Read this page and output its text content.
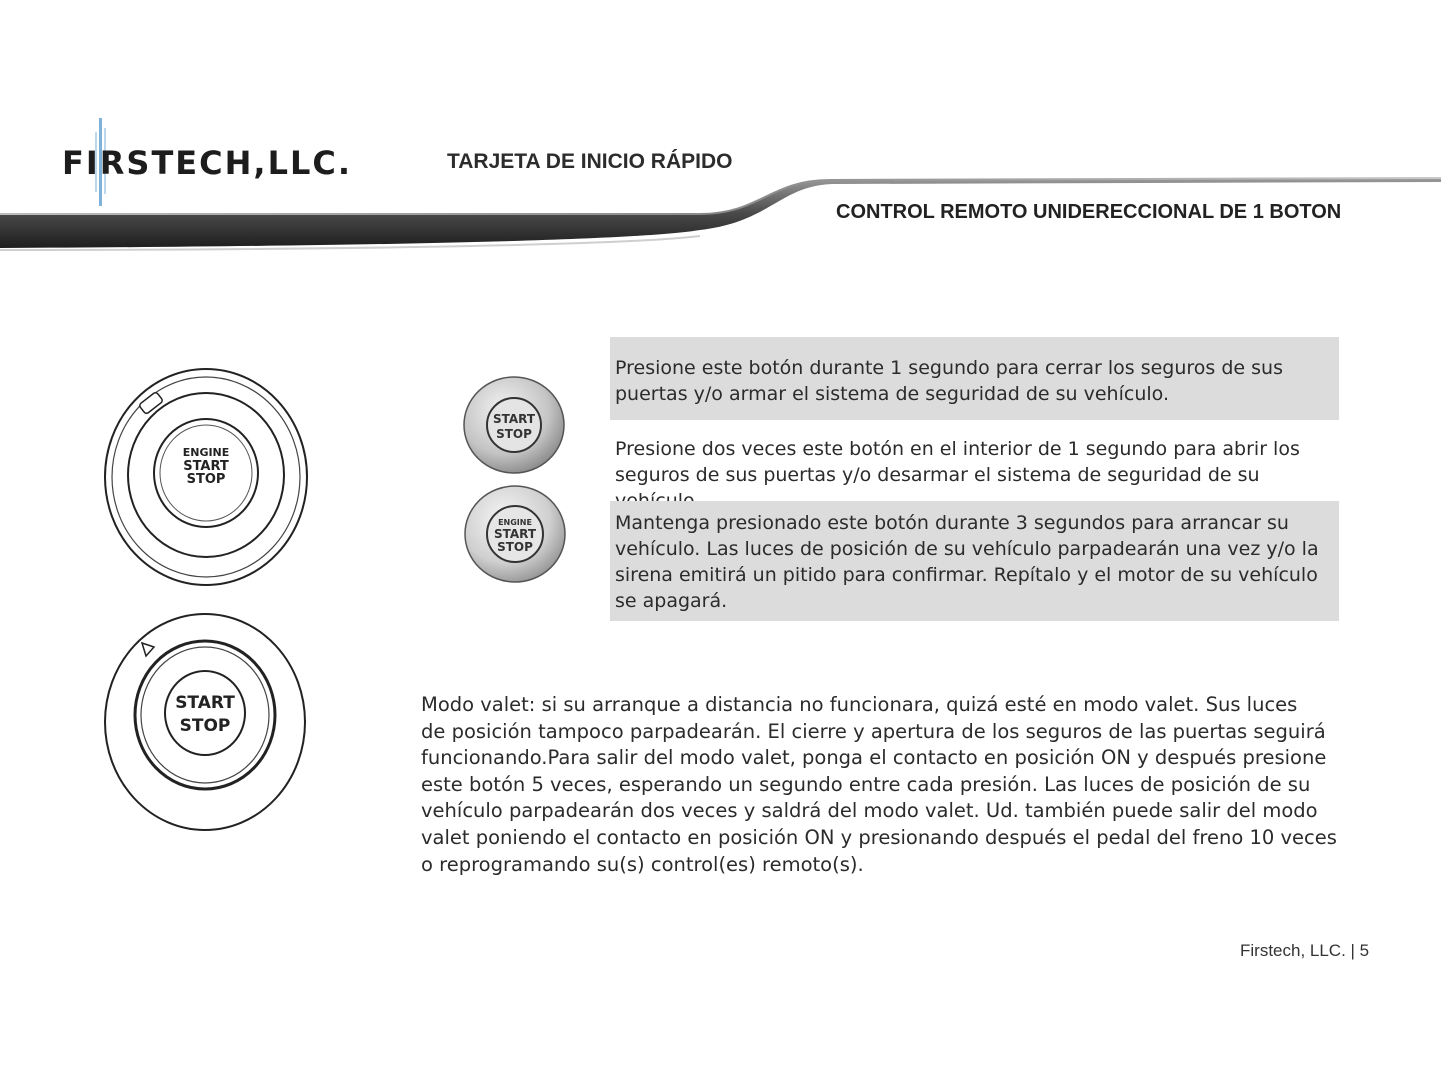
FIRSTECH,LLC.	TARJETA DE INICIO RÁPIDO
CONTROL REMOTO UNIDERECCIONAL DE 1 BOTON
ENGINE
START
STOP
START
STOP
START
STOP
ENGINE
START
STOP
Presione este botón durante 1 segundo para cerrar los seguros de sus puertas y/o armar el sistema de seguridad de su vehículo.
Presione dos veces este botón en el interior de 1 segundo para abrir los seguros de sus puertas y/o desarmar el sistema de seguridad de su
Mantenga presionado este botón durante 3 segundos para arrancar su vehículo. Las luces de posición de su vehículo parpadearán una vez y/o la sirena emitirá un pitido para confirmar. Repítalo y el motor de su vehículo se apagará.
Modo valet: si su arranque a distancia no funcionara, quizá esté en modo valet. Sus luces
de posición tampoco parpadearán. El cierre y apertura de los seguros de las puertas seguirá
funcionando.Para salir del modo valet, ponga el contacto en posición ON y después presione
este botón 5 veces, esperando un segundo entre cada presión. Las luces de posición de su
vehículo parpadearán dos veces y saldrá del modo valet. Ud. también puede salir del modo
valet poniendo el contacto en posición ON y presionando después el pedal del freno 10 veces
o reprogramando su(s) control(es) remoto(s).
Firstech, LLC. | 5
